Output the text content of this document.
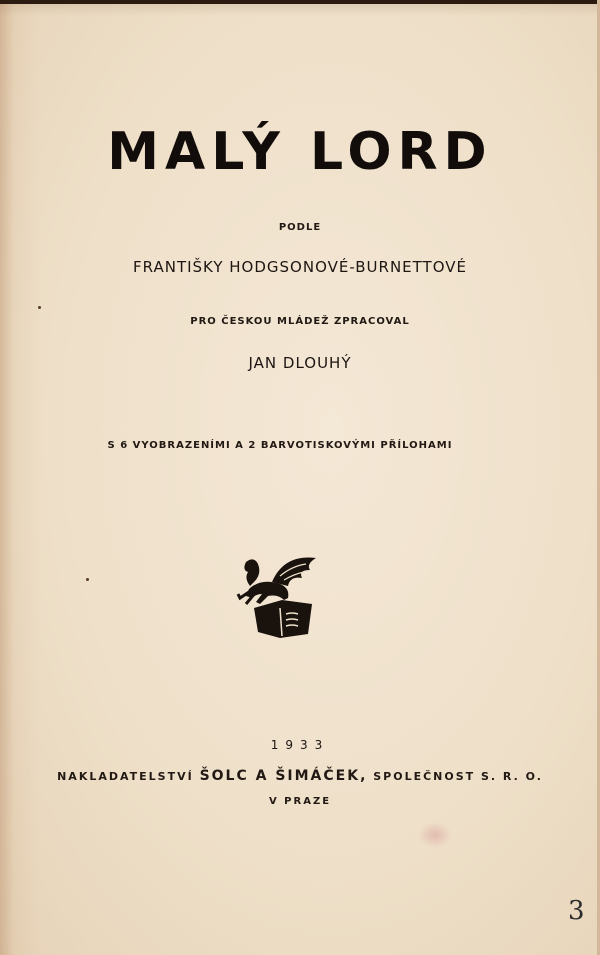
MALÝ LORD
PODLE
FRANTIŠKY HODGSONOVÉ-BURNETTOVÉ
PRO ČESKOU MLÁDEŽ ZPRACOVAL
JAN DLOUHÝ
S 6 VYOBRAZENÍMI A 2 BARVOTISKOVÝMI PŘÍLOHAMI
1933
NAKLADATELSTVÍ ŠOLC A ŠIMÁČEK, SPOLEČNOST S. R. O.
V PRAZE
3
